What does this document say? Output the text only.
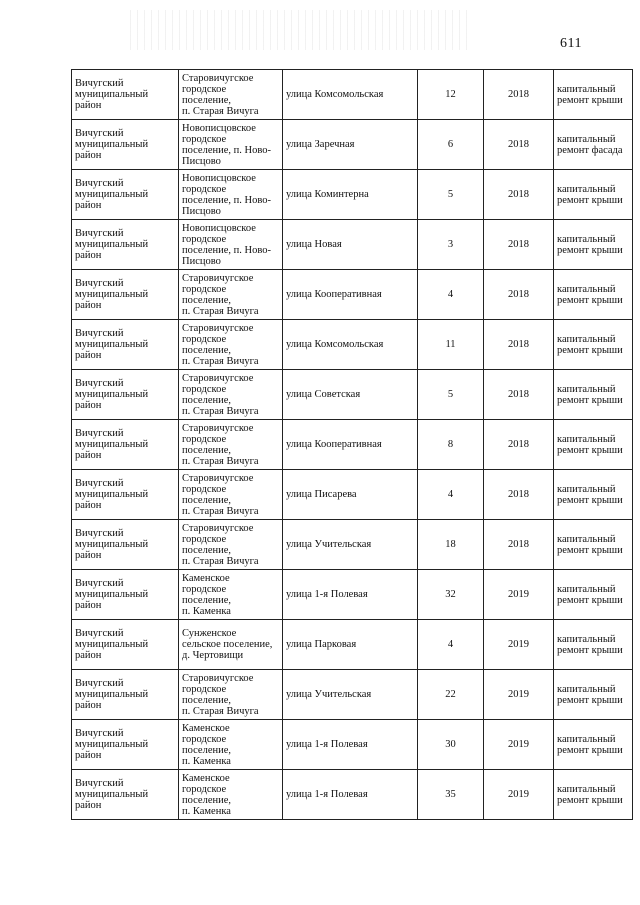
611
Вичугский
муниципальный
район	Старовичугское
городское
поселение,
п. Старая Вичуга	улица Комсомольская	12	2018	капитальный
ремонт крыши

Вичугский
муниципальный
район	Новописцовское
городское
поселение, п. Ново-
Писцово	улица Заречная	6	2018	капитальный
ремонт фасада

Вичугский
муниципальный
район	Новописцовское
городское
поселение, п. Ново-
Писцово	улица Коминтерна	5	2018	капитальный
ремонт крыши

Вичугский
муниципальный
район	Новописцовское
городское
поселение, п. Ново-
Писцово	улица Новая	3	2018	капитальный
ремонт крыши

Вичугский
муниципальный
район	Старовичугское
городское
поселение,
п. Старая Вичуга	улица Кооперативная	4	2018	капитальный
ремонт крыши

Вичугский
муниципальный
район	Старовичугское
городское
поселение,
п. Старая Вичуга	улица Комсомольская	11	2018	капитальный
ремонт крыши

Вичугский
муниципальный
район	Старовичугское
городское
поселение,
п. Старая Вичуга	улица Советская	5	2018	капитальный
ремонт крыши

Вичугский
муниципальный
район	Старовичугское
городское
поселение,
п. Старая Вичуга	улица Кооперативная	8	2018	капитальный
ремонт крыши

Вичугский
муниципальный
район	Старовичугское
городское
поселение,
п. Старая Вичуга	улица Писарева	4	2018	капитальный
ремонт крыши

Вичугский
муниципальный
район	Старовичугское
городское
поселение,
п. Старая Вичуга	улица Учительская	18	2018	капитальный
ремонт крыши

Вичугский
муниципальный
район	Каменское
городское
поселение,
п. Каменка	улица 1-я Полевая	32	2019	капитальный
ремонт крыши

Вичугский
муниципальный
район	Сунженское
сельское поселение,
д. Чертовищи	улица Парковая	4	2019	капитальный
ремонт крыши

Вичугский
муниципальный
район	Старовичугское
городское
поселение,
п. Старая Вичуга	улица Учительская	22	2019	капитальный
ремонт крыши

Вичугский
муниципальный
район	Каменское
городское
поселение,
п. Каменка	улица 1-я Полевая	30	2019	капитальный
ремонт крыши

Вичугский
муниципальный
район	Каменское
городское
поселение,
п. Каменка	улица 1-я Полевая	35	2019	капитальный
ремонт крыши
